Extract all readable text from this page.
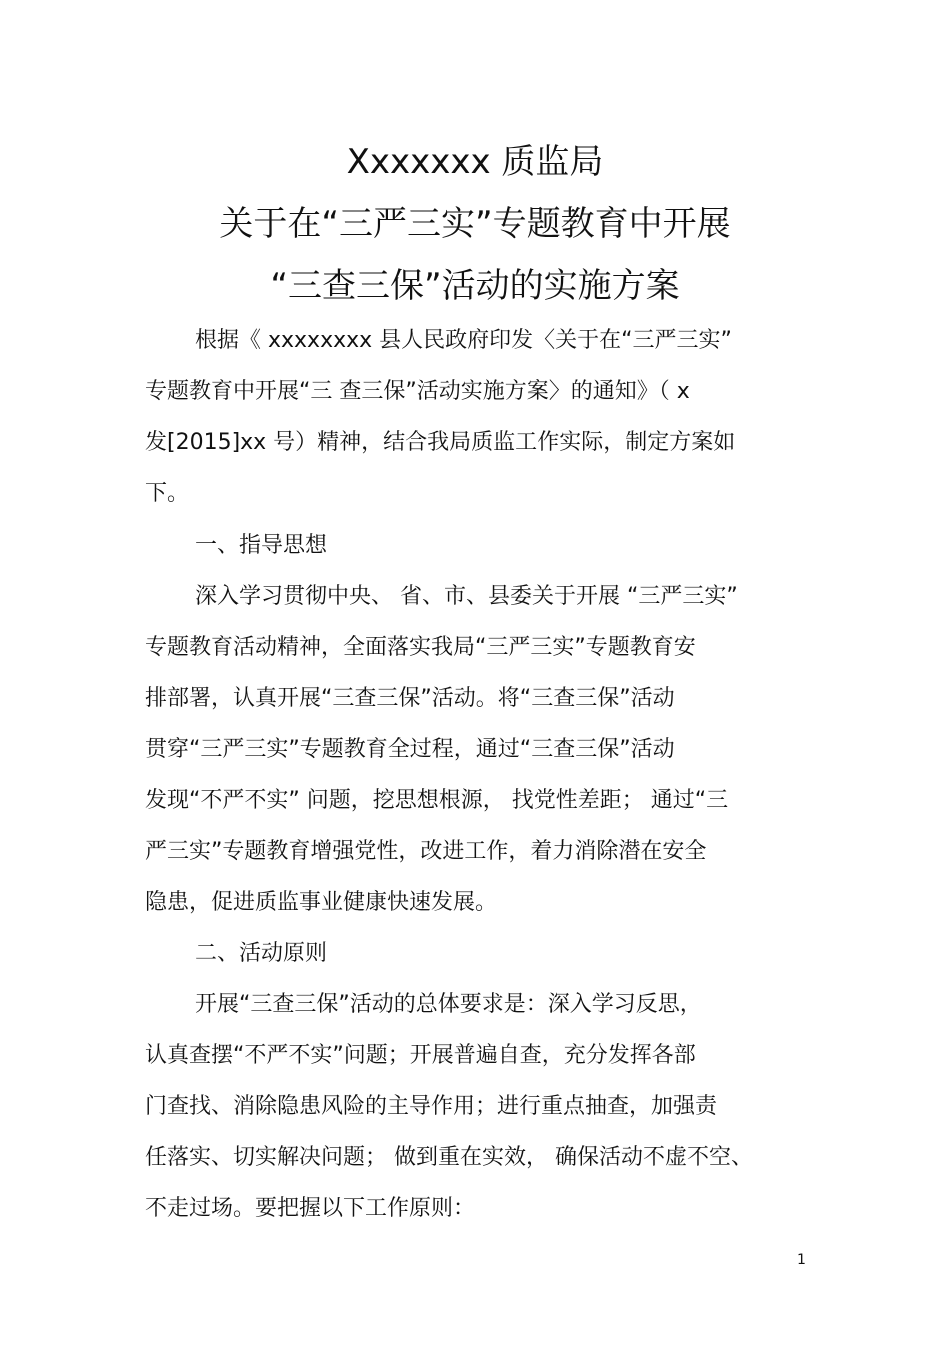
Xxxxxxx 质监局
关于在“三严三实”专题教育中开展
“三查三保”活动的实施方案
根据《 xxxxxxxx 县人民政府印发〈关于在“三严三实”
专题教育中开展“三 查三保”活动实施方案〉的通知》（ x
发[2015]xx 号）精神，结合我局质监工作实际，制定方案如
下。
一、指导思想
深入学习贯彻中央、 省、市、县委关于开展 “三严三实”
专题教育活动精神，全面落实我局“三严三实”专题教育安
排部署，认真开展“三查三保”活动。将“三查三保”活动
贯穿“三严三实”专题教育全过程，通过“三查三保”活动
发现“不严不实” 问题，挖思想根源， 找党性差距； 通过“三
严三实”专题教育增强党性，改进工作，着力消除潜在安全
隐患，促进质监事业健康快速发展。
二、活动原则
开展“三查三保”活动的总体要求是：深入学习反思，
认真查摆“不严不实”问题；开展普遍自查，充分发挥各部
门查找、消除隐患风险的主导作用；进行重点抽查，加强责
任落实、切实解决问题； 做到重在实效， 确保活动不虚不空、
不走过场。要把握以下工作原则：
1
